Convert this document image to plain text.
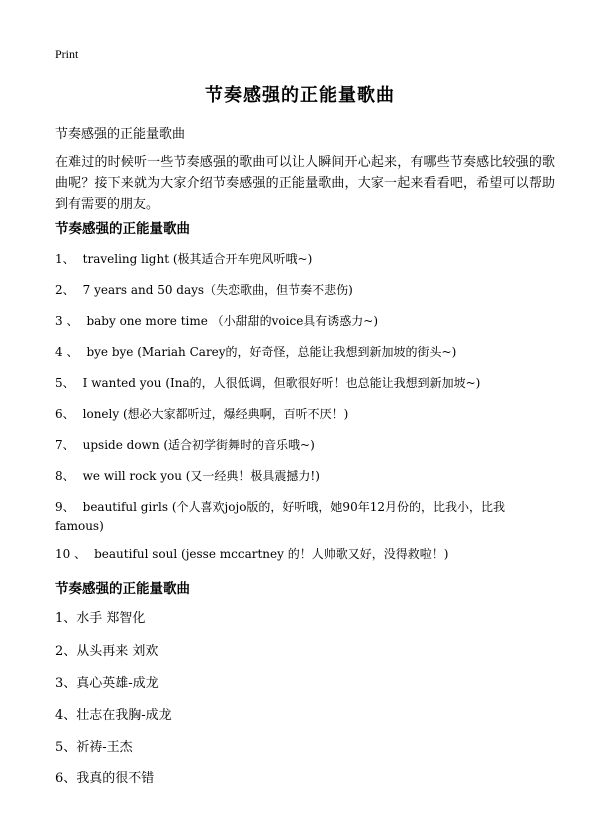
Print
节奏感强的正能量歌曲
节奏感强的正能量歌曲
在难过的时候听一些节奏感强的歌曲可以让人瞬间开心起来，有哪些节奏感比较强的歌曲呢？接下来就为大家介绍节奏感强的正能量歌曲，大家一起来看看吧，希望可以帮助到有需要的朋友。
节奏感强的正能量歌曲
1、 traveling light (极其适合开车兜风听哦~)
2、 7 years and 50 days（失恋歌曲，但节奏不悲伤)
3 、 baby one more time （小甜甜的voice具有诱惑力~)
4 、 bye bye (Mariah Carey的，好奇怪，总能让我想到新加坡的街头~)
5、 I wanted you (Ina的，人很低调，但歌很好听！也总能让我想到新加坡~)
6、 lonely (想必大家都听过，爆经典啊，百听不厌！)
7、 upside down (适合初学街舞时的音乐哦~)
8、 we will rock you (又一经典！极具震撼力!)
9、 beautiful girls (个人喜欢jojo版的，好听哦，她90年12月份的，比我小，比我famous)
10 、 beautiful soul (jesse mccartney 的！人帅歌又好，没得救啦！)
节奏感强的正能量歌曲
1、水手 郑智化
2、从头再来 刘欢
3、真心英雄-成龙
4、壮志在我胸-成龙
5、祈祷-王杰
6、我真的很不错
